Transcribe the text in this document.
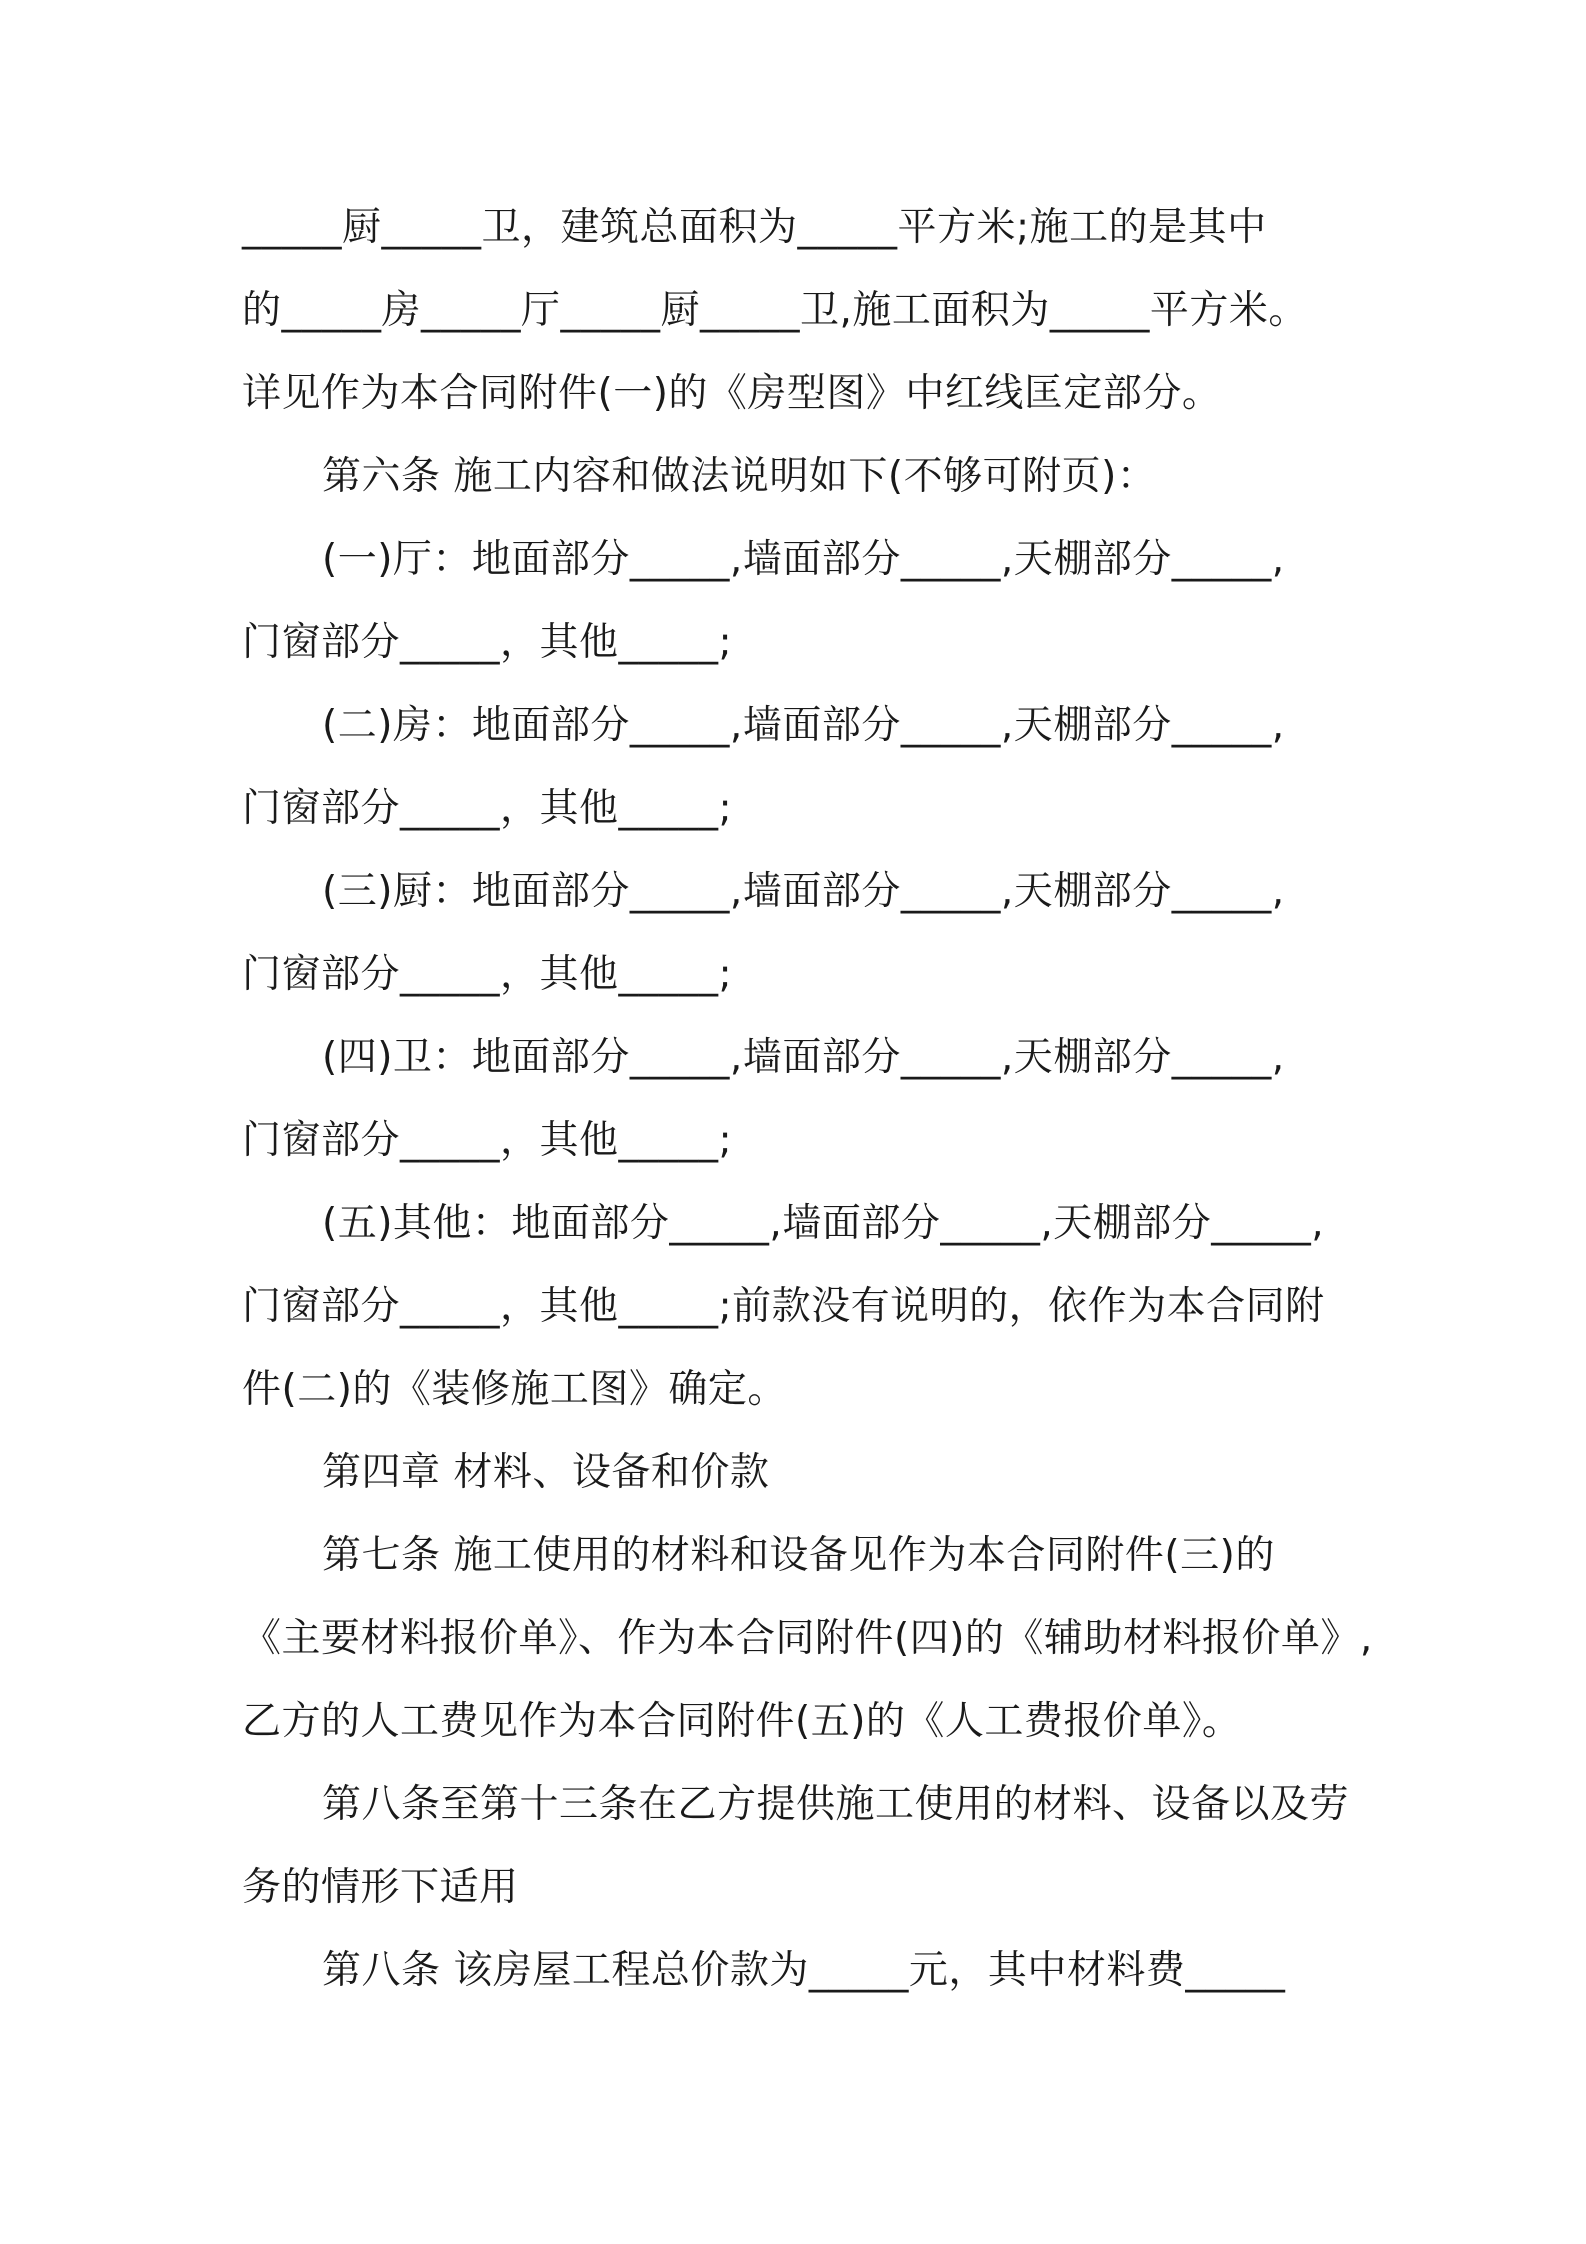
_____厨_____卫，建筑总面积为_____平方米;施工的是其中
的_____房_____厅_____厨_____卫,施工面积为_____平方米。
详见作为本合同附件(一)的《房型图》中红线匡定部分。
第六条 施工内容和做法说明如下(不够可附页)：
(一)厅：地面部分_____,墙面部分_____,天棚部分_____,
门窗部分_____，其他_____;
(二)房：地面部分_____,墙面部分_____,天棚部分_____,
门窗部分_____，其他_____;
(三)厨：地面部分_____,墙面部分_____,天棚部分_____,
门窗部分_____，其他_____;
(四)卫：地面部分_____,墙面部分_____,天棚部分_____,
门窗部分_____，其他_____;
(五)其他：地面部分_____,墙面部分_____,天棚部分_____,
门窗部分_____，其他_____;前款没有说明的，依作为本合同附
件(二)的《装修施工图》确定。
第四章 材料、设备和价款
第七条 施工使用的材料和设备见作为本合同附件(三)的
《主要材料报价单》、作为本合同附件(四)的《辅助材料报价单》,
乙方的人工费见作为本合同附件(五)的《人工费报价单》。
第八条至第十三条在乙方提供施工使用的材料、设备以及劳
务的情形下适用
第八条 该房屋工程总价款为_____元，其中材料费_____
